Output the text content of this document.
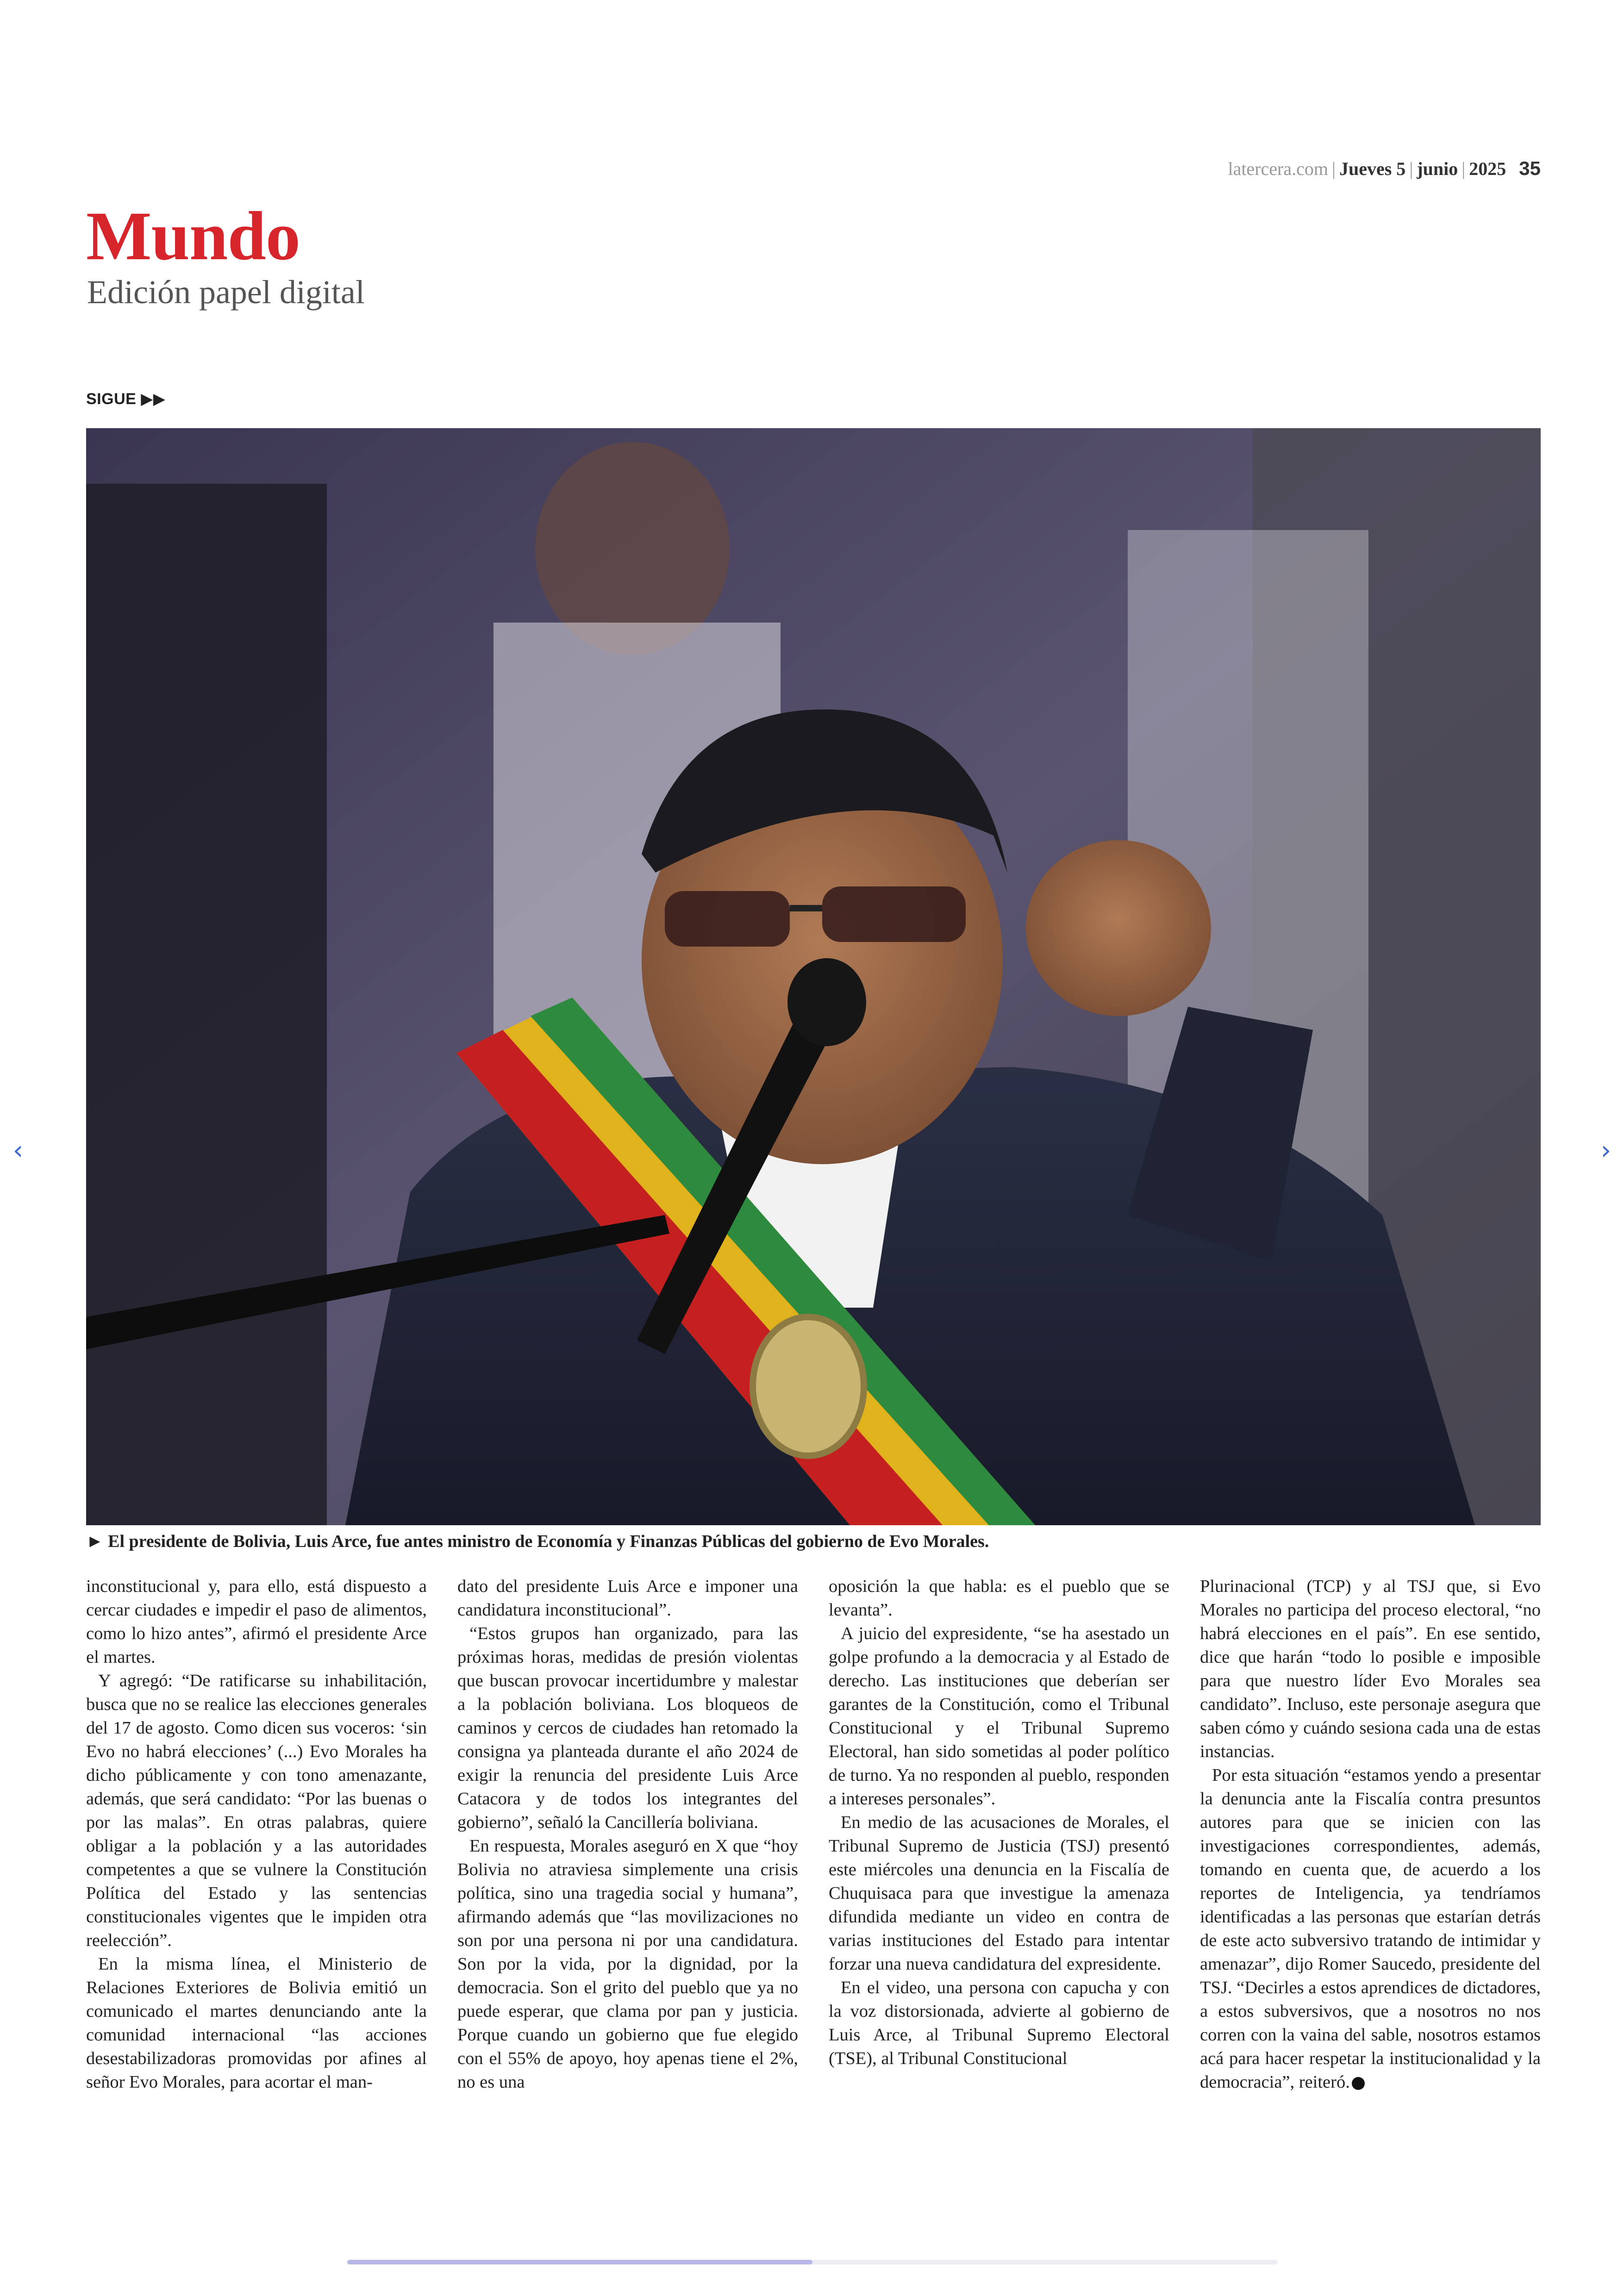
latercera.com | Jueves 5 | junio | 2025 35
Mundo
Edición papel digital
SIGUE ▶▶
► El presidente de Bolivia, Luis Arce, fue antes ministro de Economía y Finanzas Públicas del gobierno de Evo Morales.

inconstitucional y, para ello, está dispuesto a cercar ciudades e impedir el paso de alimentos, como lo hizo antes”, afirmó el presidente Arce el martes.

Y agregó: “De ratificarse su inhabilitación, busca que no se realice las elecciones generales del 17 de agosto. Como dicen sus voceros: ‘sin Evo no habrá elecciones’ (...) Evo Morales ha dicho públicamente y con tono amenazante, además, que será candidato: “Por las buenas o por las malas”. En otras palabras, quiere obligar a la población y a las autoridades competentes a que se vulnere la Constitución Política del Estado y las sentencias constitucionales vigentes que le impiden otra reelección”.

En la misma línea, el Ministerio de Relaciones Exteriores de Bolivia emitió un comunicado el martes denunciando ante la comunidad internacional “las acciones desestabilizadoras promovidas por afines al señor Evo Morales, para acortar el man-

dato del presidente Luis Arce e imponer una candidatura inconstitucional”.

“Estos grupos han organizado, para las próximas horas, medidas de presión violentas que buscan provocar incertidumbre y malestar a la población boliviana. Los bloqueos de caminos y cercos de ciudades han retomado la consigna ya planteada durante el año 2024 de exigir la renuncia del presidente Luis Arce Catacora y de todos los integrantes del gobierno”, señaló la Cancillería boliviana.

En respuesta, Morales aseguró en X que “hoy Bolivia no atraviesa simplemente una crisis política, sino una tragedia social y humana”, afirmando además que “las movilizaciones no son por una persona ni por una candidatura. Son por la vida, por la dignidad, por la democracia. Son el grito del pueblo que ya no puede esperar, que clama por pan y justicia. Porque cuando un gobierno que fue elegido con el 55% de apoyo, hoy apenas tiene el 2%, no es una

oposición la que habla: es el pueblo que se levanta”.

A juicio del expresidente, “se ha asestado un golpe profundo a la democracia y al Estado de derecho. Las instituciones que deberían ser garantes de la Constitución, como el Tribunal Constitucional y el Tribunal Supremo Electoral, han sido sometidas al poder político de turno. Ya no responden al pueblo, responden a intereses personales”.

En medio de las acusaciones de Morales, el Tribunal Supremo de Justicia (TSJ) presentó este miércoles una denuncia en la Fiscalía de Chuquisaca para que investigue la amenaza difundida mediante un video en contra de varias instituciones del Estado para intentar forzar una nueva candidatura del expresidente.

En el video, una persona con capucha y con la voz distorsionada, advierte al gobierno de Luis Arce, al Tribunal Supremo Electoral (TSE), al Tribunal Constitucional

Plurinacional (TCP) y al TSJ que, si Evo Morales no participa del proceso electoral, “no habrá elecciones en el país”. En ese sentido, dice que harán “todo lo posible e imposible para que nuestro líder Evo Morales sea candidato”. Incluso, este personaje asegura que saben cómo y cuándo sesiona cada una de estas instancias.

Por esta situación “estamos yendo a presentar la denuncia ante la Fiscalía contra presuntos autores para que se inicien con las investigaciones correspondientes, además, tomando en cuenta que, de acuerdo a los reportes de Inteligencia, ya tendríamos identificadas a las personas que estarían detrás de este acto subversivo tratando de intimidar y amenazar”, dijo Romer Saucedo, presidente del TSJ. “Decirles a estos aprendices de dictadores, a estos subversivos, que a nosotros no nos corren con la vaina del sable, nosotros estamos acá para hacer respetar la institucionalidad y la democracia”, reiteró.

‹	›
